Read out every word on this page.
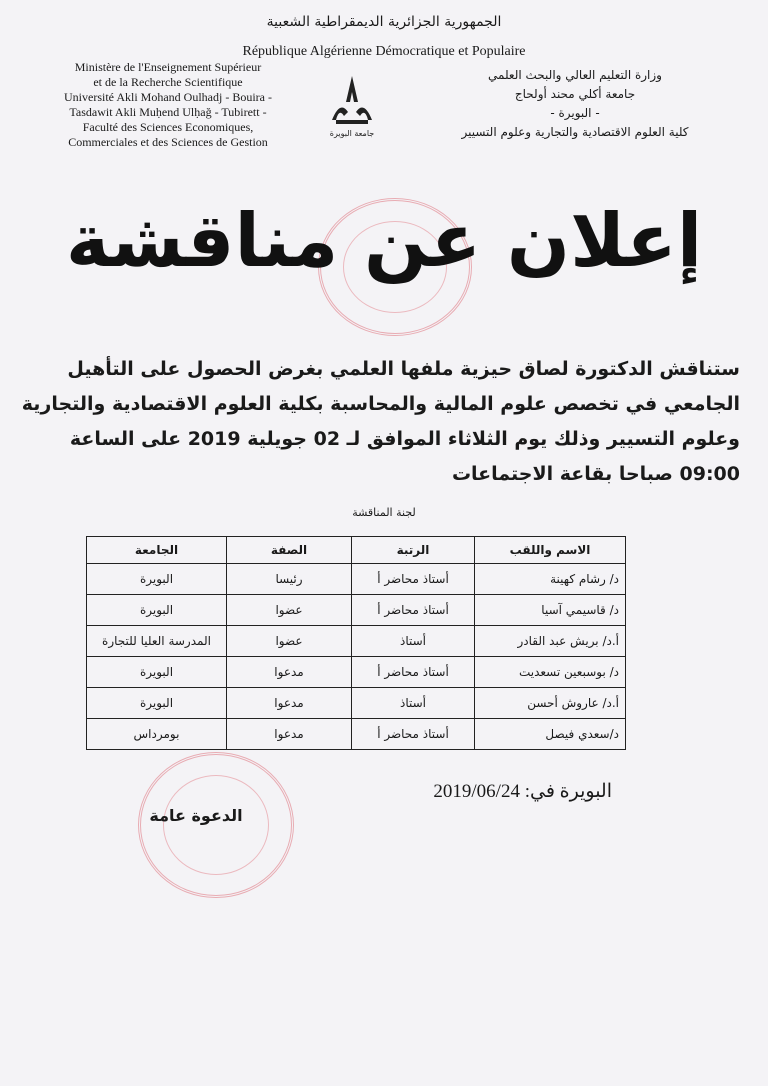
الجمهورية الجزائرية الديمقراطية الشعبية
République Algérienne Démocratique et Populaire
Ministère de l'Enseignement Supérieur
et de la Recherche Scientifique
Université Akli Mohand Oulhadj - Bouira -
Tasdawit Akli Muḥend Ulḥağ - Tubirett -
Faculté des Sciences Economiques,
Commerciales et des Sciences de Gestion
وزارة التعليم العالي والبحث العلمي
جامعة أكلي محند أولحاج
- البويرة -
كلية العلوم الاقتصادية والتجارية وعلوم التسيير
جامعة البويرة
إعلان عن مناقشة
ستناقش الدكتورة لصاق حيزية ملفها العلمي بغرض الحصول على التأهيل
الجامعي في تخصص علوم المالية والمحاسبة بكلية العلوم الاقتصادية والتجارية
وعلوم التسيير وذلك يوم الثلاثاء الموافق لـ 02 جويلية 2019 على الساعة
09:00 صباحا بقاعة الاجتماعات
لجنة المناقشة
الاسم واللقب	الرتبة	الصفة	الجامعة
د/ رشام كهينة	أستاذ محاضر أ	رئيسا	البويرة
د/ قاسيمي آسيا	أستاذ محاضر أ	عضوا	البويرة
أ.د/ بريش عبد القادر	أستاذ	عضوا	المدرسة العليا للتجارة
د/ بوسبعين تسعديت	أستاذ محاضر أ	مدعوا	البويرة
أ.د/ عاروش أحسن	أستاذ	مدعوا	البويرة
د/سعدي فيصل	أستاذ محاضر أ	مدعوا	بومرداس
البويرة في: 2019/06/24
الدعوة عامة
